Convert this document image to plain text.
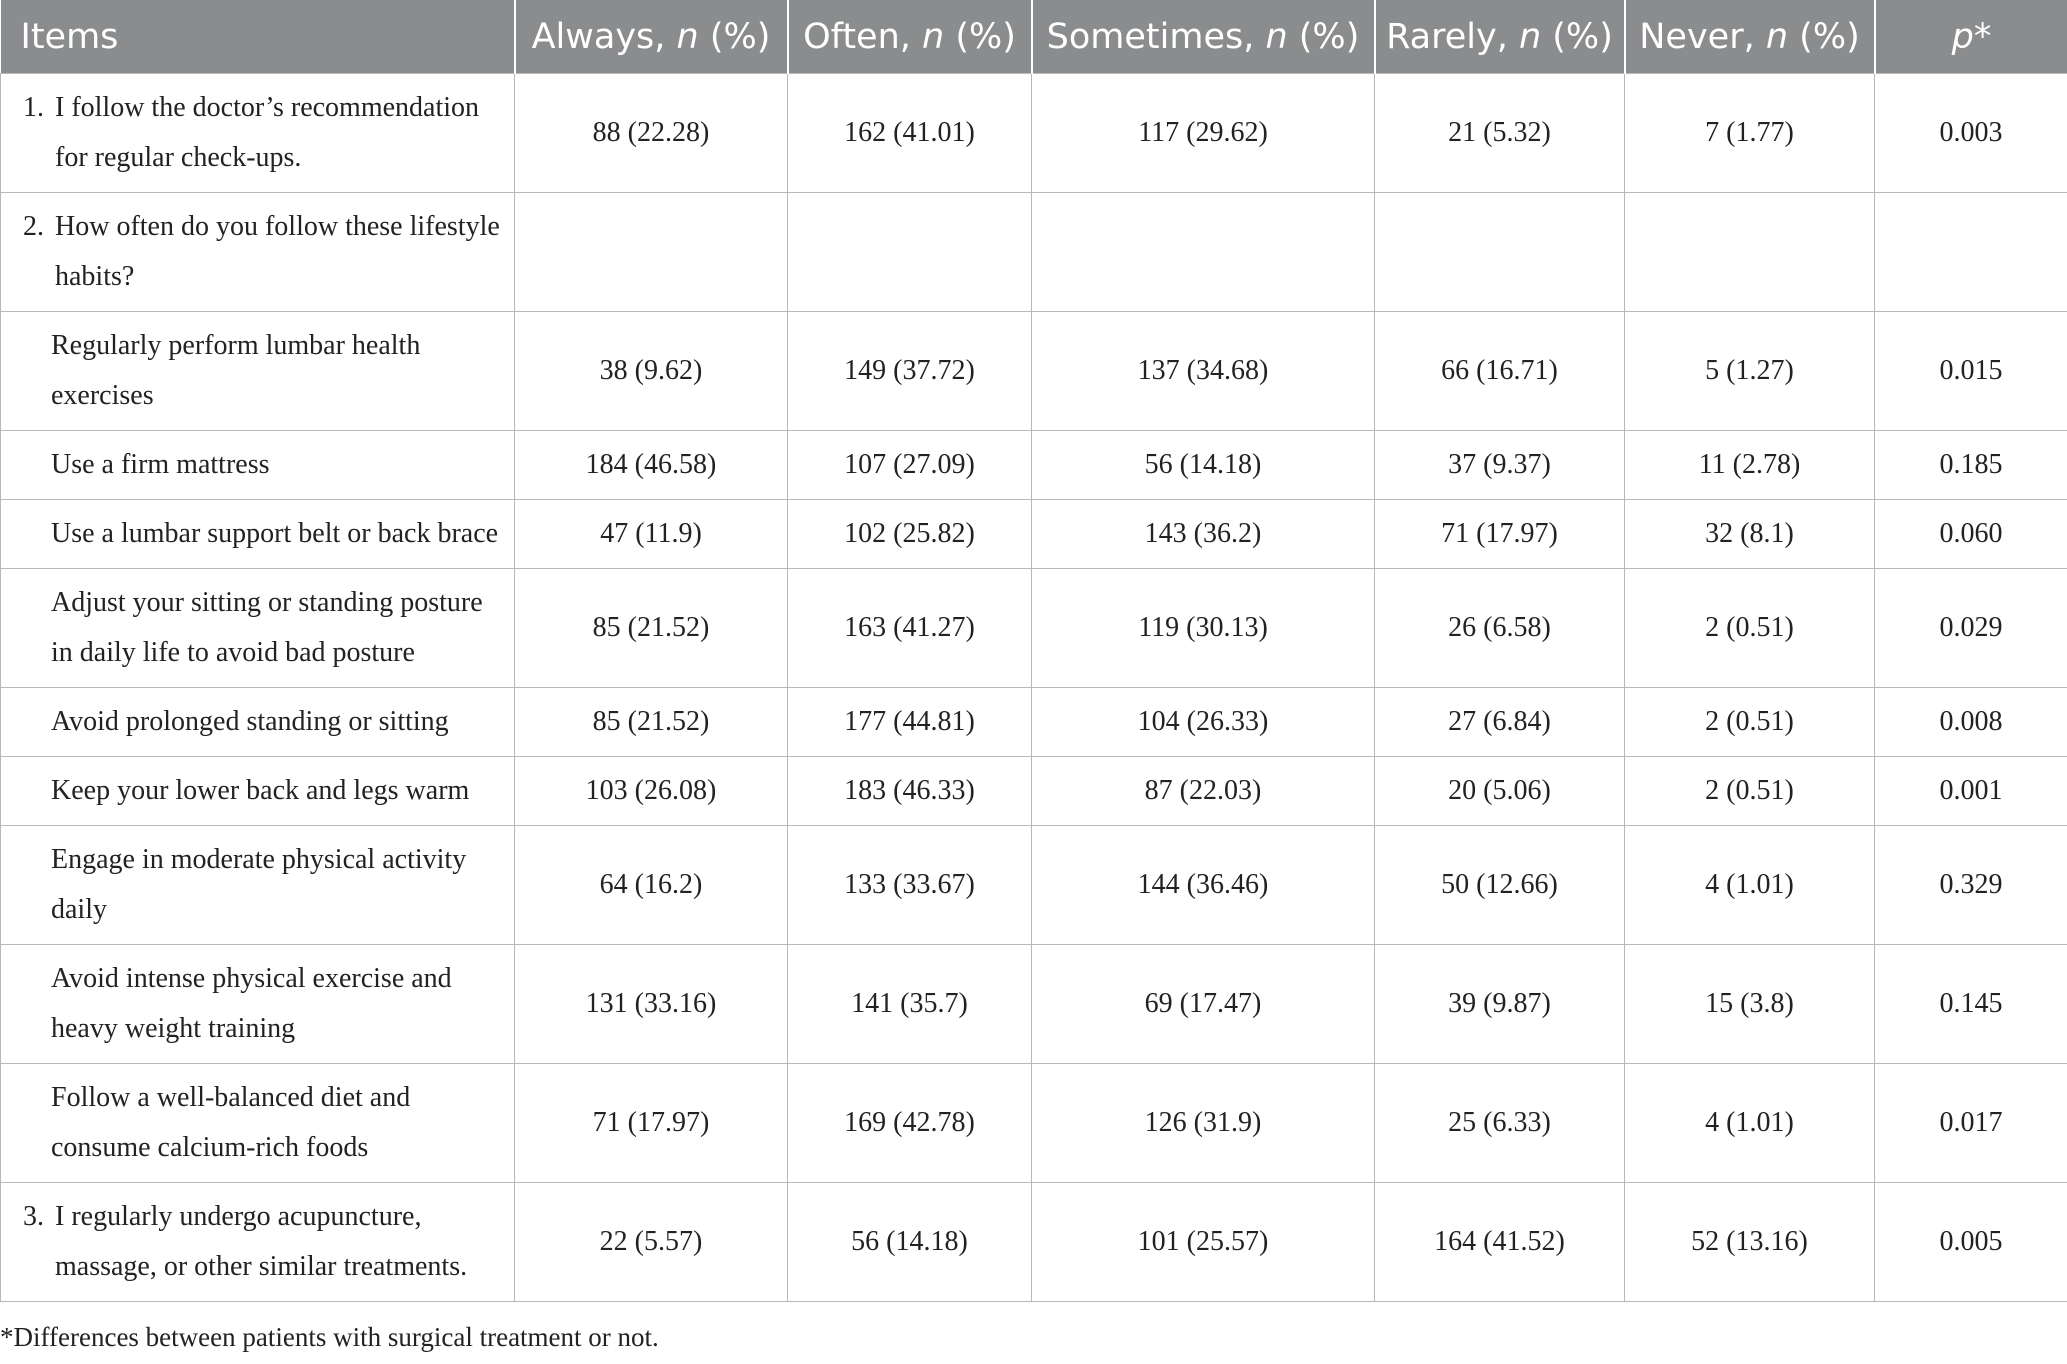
Items	Always, n (%)	Often, n (%)	Sometimes, n (%)	Rarely, n (%)	Never, n (%)	p*

1. I follow the doctor’s recommendation for regular check-ups.	88 (22.28)	162 (41.01)	117 (29.62)	21 (5.32)	7 (1.77)	0.003

2. How often do you follow these lifestyle habits?						

Regularly perform lumbar health exercises	38 (9.62)	149 (37.72)	137 (34.68)	66 (16.71)	5 (1.27)	0.015

Use a firm mattress	184 (46.58)	107 (27.09)	56 (14.18)	37 (9.37)	11 (2.78)	0.185

Use a lumbar support belt or back brace	47 (11.9)	102 (25.82)	143 (36.2)	71 (17.97)	32 (8.1)	0.060

Adjust your sitting or standing posture in daily life to avoid bad posture	85 (21.52)	163 (41.27)	119 (30.13)	26 (6.58)	2 (0.51)	0.029

Avoid prolonged standing or sitting	85 (21.52)	177 (44.81)	104 (26.33)	27 (6.84)	2 (0.51)	0.008

Keep your lower back and legs warm	103 (26.08)	183 (46.33)	87 (22.03)	20 (5.06)	2 (0.51)	0.001

Engage in moderate physical activity daily	64 (16.2)	133 (33.67)	144 (36.46)	50 (12.66)	4 (1.01)	0.329

Avoid intense physical exercise and heavy weight training	131 (33.16)	141 (35.7)	69 (17.47)	39 (9.87)	15 (3.8)	0.145

Follow a well-balanced diet and consume calcium-rich foods	71 (17.97)	169 (42.78)	126 (31.9)	25 (6.33)	4 (1.01)	0.017

3. I regularly undergo acupuncture, massage, or other similar treatments.	22 (5.57)	56 (14.18)	101 (25.57)	164 (41.52)	52 (13.16)	0.005
*Differences between patients with surgical treatment or not.
